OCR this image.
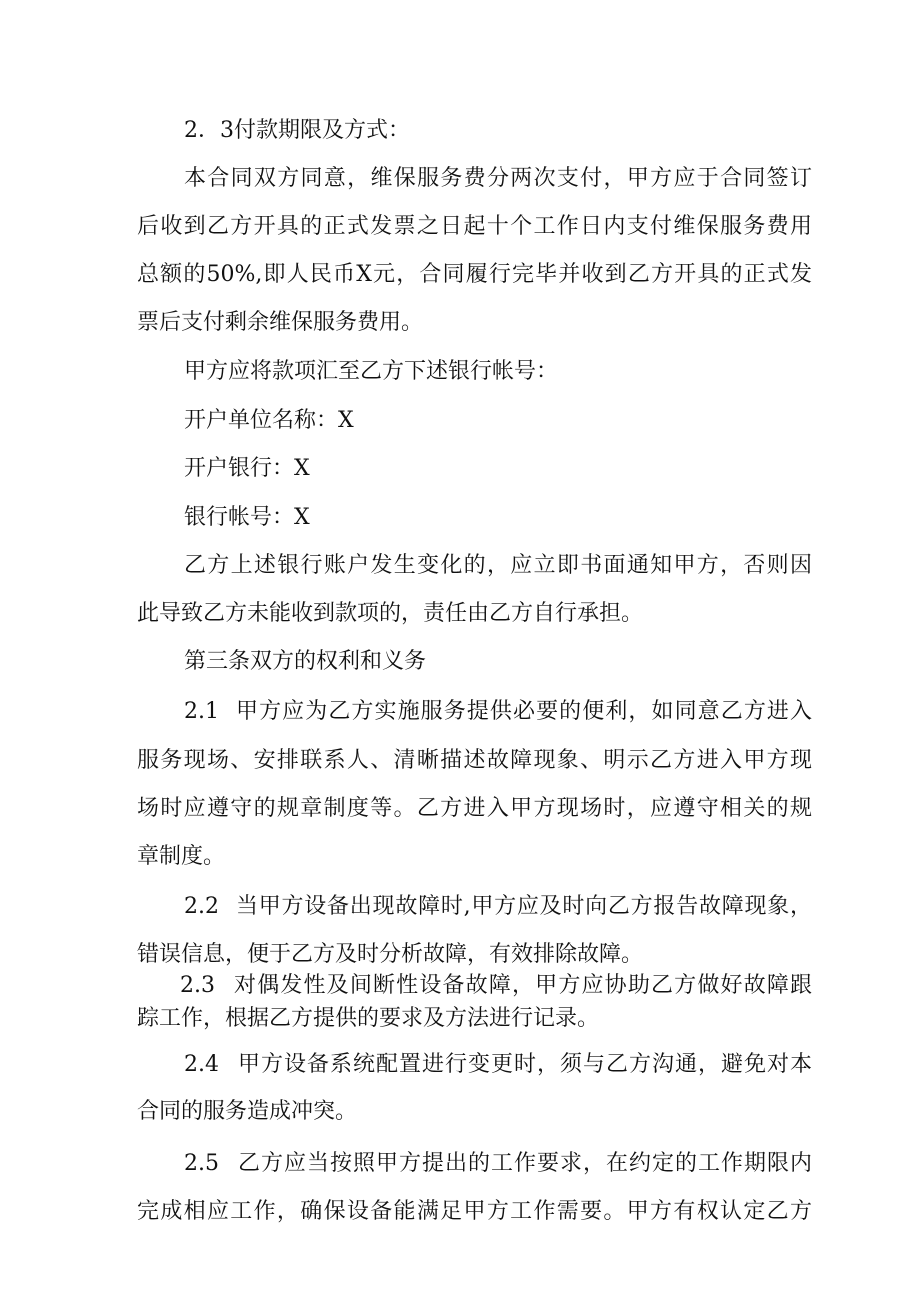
2．3付款期限及方式：
本合同双方同意，维保服务费分两次支付，甲方应于合同签订
后收到乙方开具的正式发票之日起十个工作日内支付维保服务费用
总额的50%,即人民币X元，合同履行完毕并收到乙方开具的正式发
票后支付剩余维保服务费用。
甲方应将款项汇至乙方下述银行帐号：
开户单位名称：X
开户银行：X
银行帐号：X
乙方上述银行账户发生变化的，应立即书面通知甲方，否则因
此导致乙方未能收到款项的，责任由乙方自行承担。
第三条双方的权利和义务
2.1 甲方应为乙方实施服务提供必要的便利，如同意乙方进入
服务现场、安排联系人、清晰描述故障现象、明示乙方进入甲方现
场时应遵守的规章制度等。乙方进入甲方现场时，应遵守相关的规
章制度。
2.2 当甲方设备出现故障时,甲方应及时向乙方报告故障现象，
错误信息，便于乙方及时分析故障，有效排除故障。
2.3 对偶发性及间断性设备故障，甲方应协助乙方做好故障跟
踪工作，根据乙方提供的要求及方法进行记录。
2.4 甲方设备系统配置进行变更时，须与乙方沟通，避免对本
合同的服务造成冲突。
2.5 乙方应当按照甲方提出的工作要求，在约定的工作期限内
完成相应工作，确保设备能满足甲方工作需要。甲方有权认定乙方
